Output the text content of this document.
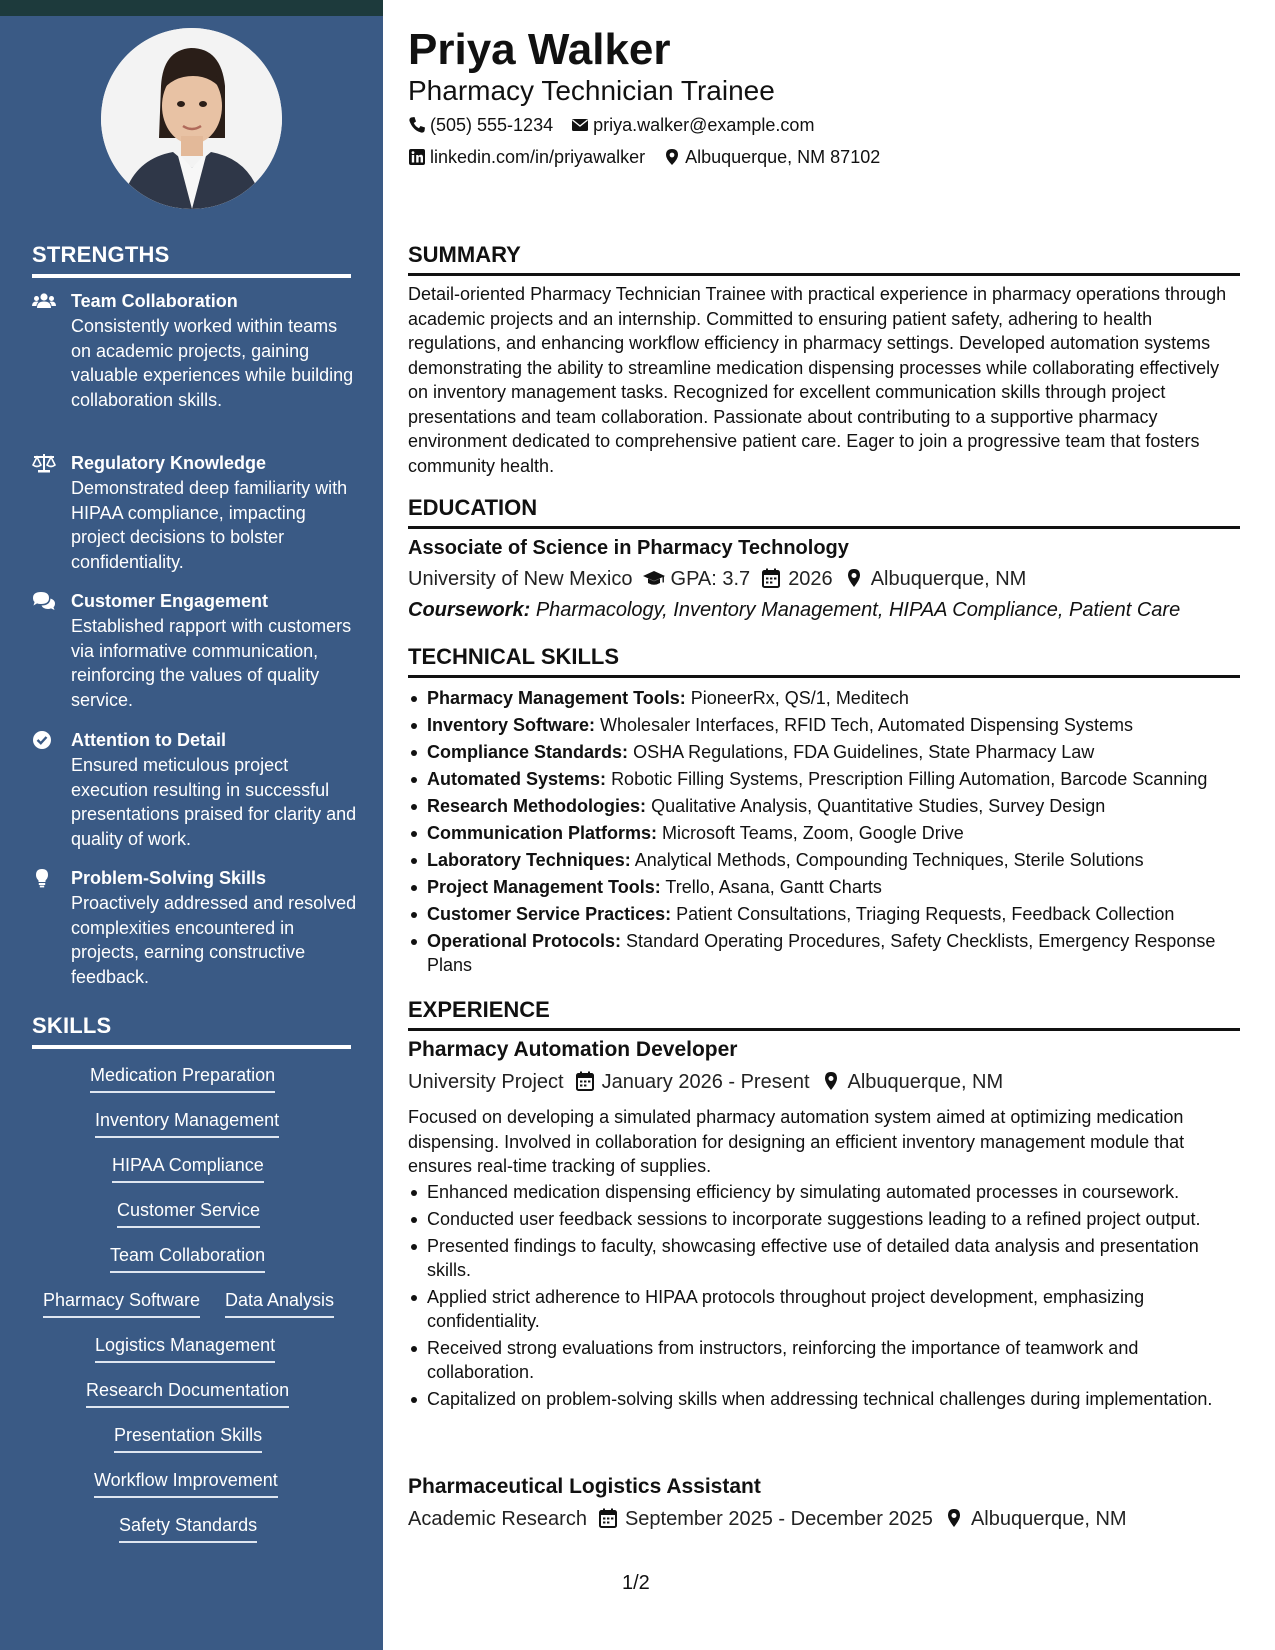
STRENGTHS
Team Collaboration
Consistently worked within teams on academic projects, gaining valuable experiences while building collaboration skills.
Regulatory Knowledge
Demonstrated deep familiarity with HIPAA compliance, impacting project decisions to bolster confidentiality.
Customer Engagement
Established rapport with customers via informative communication, reinforcing the values of quality service.
Attention to Detail
Ensured meticulous project execution resulting in successful presentations praised for clarity and quality of work.
Problem-Solving Skills
Proactively addressed and resolved complexities encountered in projects, earning constructive feedback.
SKILLS
Medication Preparation
Inventory Management
HIPAA Compliance
Customer Service
Team Collaboration
Pharmacy Software Data Analysis
Logistics Management
Research Documentation
Presentation Skills
Workflow Improvement
Safety Standards
Priya Walker
Pharmacy Technician Trainee
(505) 555-1234 priya.walker@example.com
linkedin.com/in/priyawalker Albuquerque, NM 87102
SUMMARY
Detail-oriented Pharmacy Technician Trainee with practical experience in pharmacy operations through academic projects and an internship. Committed to ensuring patient safety, adhering to health regulations, and enhancing workflow efficiency in pharmacy settings. Developed automation systems demonstrating the ability to streamline medication dispensing processes while collaborating effectively on inventory management tasks. Recognized for excellent communication skills through project presentations and team collaboration. Passionate about contributing to a supportive pharmacy environment dedicated to comprehensive patient care. Eager to join a progressive team that fosters community health.
EDUCATION
Associate of Science in Pharmacy Technology
University of New Mexico GPA: 3.7 2026 Albuquerque, NM
Coursework: Pharmacology, Inventory Management, HIPAA Compliance, Patient Care
TECHNICAL SKILLS
Pharmacy Management Tools: PioneerRx, QS/1, Meditech
Inventory Software: Wholesaler Interfaces, RFID Tech, Automated Dispensing Systems
Compliance Standards: OSHA Regulations, FDA Guidelines, State Pharmacy Law
Automated Systems: Robotic Filling Systems, Prescription Filling Automation, Barcode Scanning
Research Methodologies: Qualitative Analysis, Quantitative Studies, Survey Design
Communication Platforms: Microsoft Teams, Zoom, Google Drive
Laboratory Techniques: Analytical Methods, Compounding Techniques, Sterile Solutions
Project Management Tools: Trello, Asana, Gantt Charts
Customer Service Practices: Patient Consultations, Triaging Requests, Feedback Collection
Operational Protocols: Standard Operating Procedures, Safety Checklists, Emergency Response Plans
EXPERIENCE
Pharmacy Automation Developer
University Project January 2026 - Present Albuquerque, NM
Focused on developing a simulated pharmacy automation system aimed at optimizing medication dispensing. Involved in collaboration for designing an efficient inventory management module that ensures real-time tracking of supplies.
Enhanced medication dispensing efficiency by simulating automated processes in coursework.
Conducted user feedback sessions to incorporate suggestions leading to a refined project output.
Presented findings to faculty, showcasing effective use of detailed data analysis and presentation skills.
Applied strict adherence to HIPAA protocols throughout project development, emphasizing confidentiality.
Received strong evaluations from instructors, reinforcing the importance of teamwork and collaboration.
Capitalized on problem-solving skills when addressing technical challenges during implementation.
Pharmaceutical Logistics Assistant
Academic Research September 2025 - December 2025 Albuquerque, NM
1/2
